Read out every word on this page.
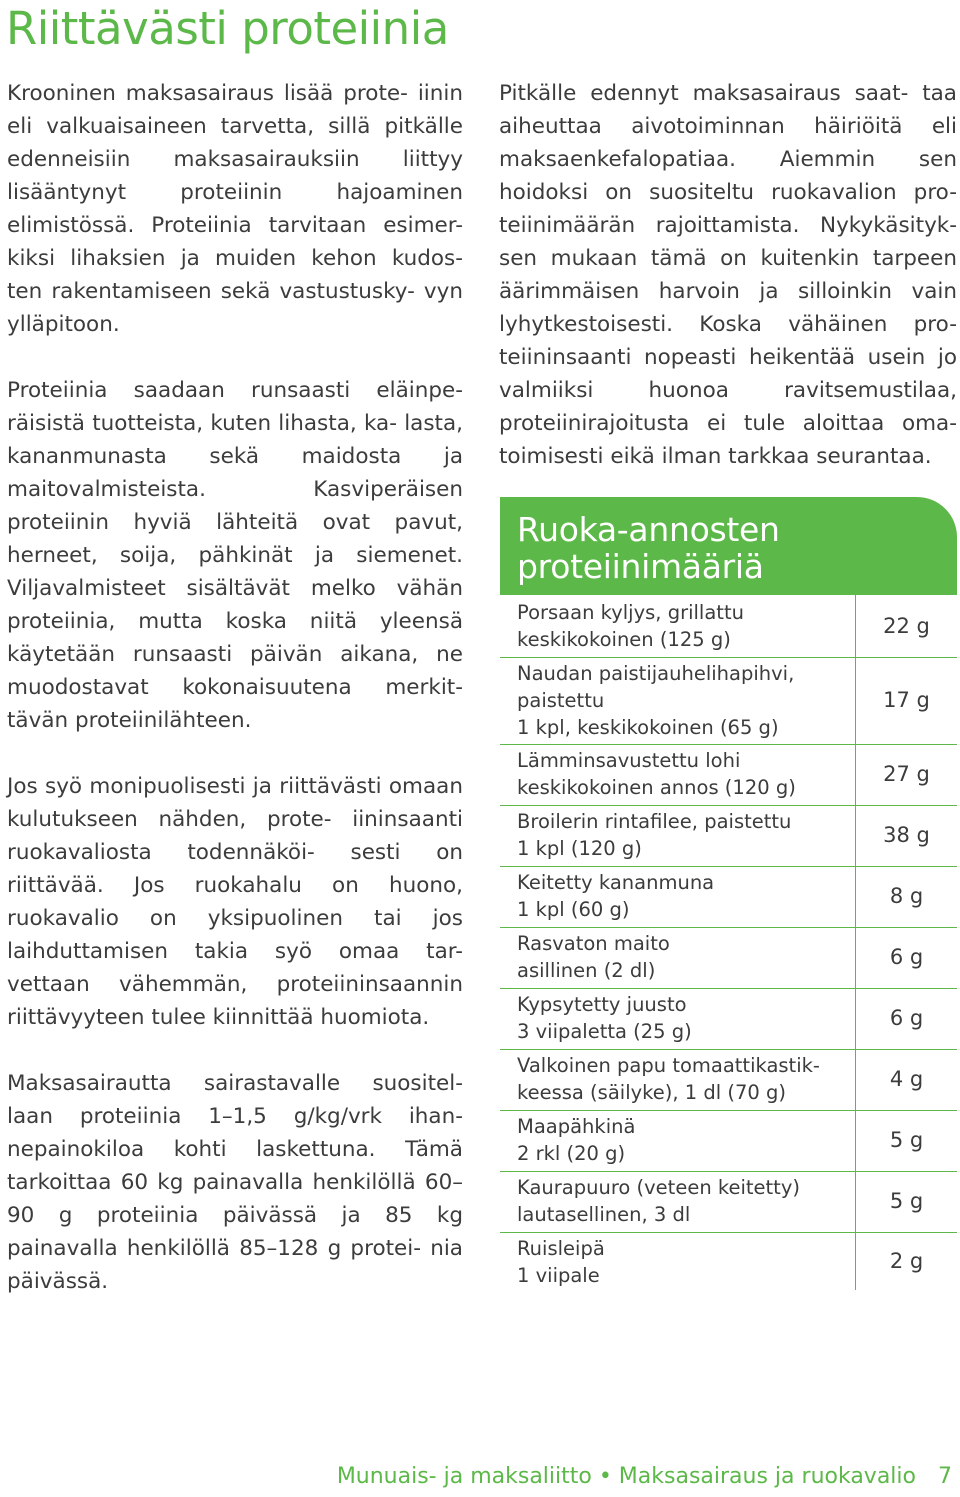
Riittävästi proteiinia

Krooninen maksasairaus lisää prote- iinin eli valkuaisaineen tarvetta, sillä pitkälle edenneisiin maksasairauksiin liittyy lisääntynyt proteiinin hajoaminen elimistössä. Proteiinia tarvitaan esimer- kiksi lihaksien ja muiden kehon kudos- ten rakentamiseen sekä vastustusky- vyn ylläpitoon.

Proteiinia saadaan runsaasti eläinpe- räisistä tuotteista, kuten lihasta, ka- lasta, kananmunasta sekä maidosta ja maitovalmisteista. Kasviperäisen proteiinin hyviä lähteitä ovat pavut, herneet, soija, pähkinät ja siemenet. Viljavalmisteet sisältävät melko vähän proteiinia, mutta koska niitä yleensä käytetään runsaasti päivän aikana, ne muodostavat kokonaisuutena merkit- tävän proteiinilähteen.

Jos syö monipuolisesti ja riittävästi omaan kulutukseen nähden, prote- iininsaanti ruokavaliosta todennäköi- sesti on riittävää. Jos ruokahalu on huono, ruokavalio on yksipuolinen tai jos laihduttamisen takia syö omaa tar- vettaan vähemmän, proteiininsaannin riittävyyteen tulee kiinnittää huomiota.

Maksasairautta sairastavalle suositel- laan proteiinia 1–1,5 g/kg/vrk ihan- nepainokiloa kohti laskettuna. Tämä tarkoittaa 60 kg painavalla henkilöllä 60–90 g proteiinia päivässä ja 85 kg painavalla henkilöllä 85–128 g protei- nia päivässä.

Pitkälle edennyt maksasairaus saat- taa aiheuttaa aivotoiminnan häiriöitä eli maksaenkefalopatiaa. Aiemmin sen hoidoksi on suositeltu ruokavalion pro- teiinimäärän rajoittamista. Nykykäsityk- sen mukaan tämä on kuitenkin tarpeen äärimmäisen harvoin ja silloinkin vain lyhytkestoisesti. Koska vähäinen pro- teiininsaanti nopeasti heikentää usein jo valmiiksi huonoa ravitsemustilaa, proteiinirajoitusta ei tule aloittaa oma- toimisesti eikä ilman tarkkaa seurantaa.

Ruoka-annosten
proteiinimääriä
Porsaan kyljys, grillattu
keskikokoinen (125 g)
22 g
Naudan paistijauhelihapihvi,
paistettu
1 kpl, keskikokoinen (65 g)
17 g
Lämminsavustettu lohi
keskikokoinen annos (120 g)
27 g
Broilerin rintafilee, paistettu
1 kpl (120 g)
38 g
Keitetty kananmuna
1 kpl (60 g)
8 g
Rasvaton maito
asillinen (2 dl)
6 g
Kypsytetty juusto
3 viipaletta (25 g)
6 g
Valkoinen papu tomaattikastik-
keessa (säilyke), 1 dl (70 g)
4 g
Maapähkinä
2 rkl (20 g)
5 g
Kaurapuuro (veteen keitetty)
lautasellinen, 3 dl
5 g
Ruisleipä
1 viipale
2 g
Munuais- ja maksaliitto • Maksasairaus ja ruokavalio 7
